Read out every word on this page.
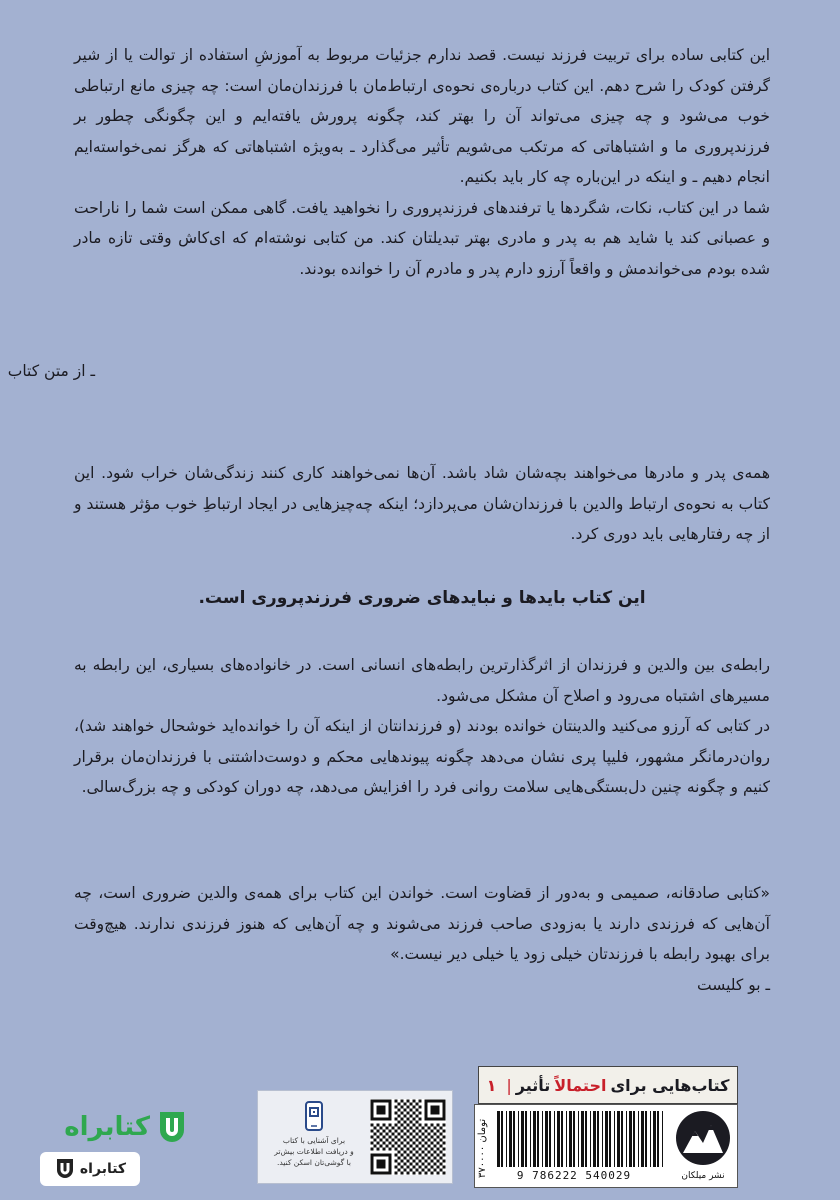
این کتابی ساده برای تربیت فرزند نیست. قصد ندارم جزئیات مربوط به آموزشِ استفاده از توالت یا از شیر گرفتن کودک را شرح دهم. این کتاب درباره‌ی نحوه‌ی ارتباط‌مان با فرزندان‌مان است: چه چیزی مانع ارتباطی خوب می‌شود و چه چیزی می‌تواند آن را بهتر کند، چگونه پرورش یافته‌ایم و این چگونگی چطور بر فرزندپروری ما و اشتباهاتی که مرتکب می‌شویم تأثیر می‌گذارد ـ به‌ویژه اشتباهاتی که هرگز نمی‌خواسته‌ایم انجام دهیم ـ و اینکه در این‌باره چه کار باید بکنیم.

شما در این کتاب، نکات، شگردها یا ترفندهای فرزندپروری را نخواهید یافت. گاهی ممکن است شما را ناراحت و عصبانی کند یا شاید هم به پدر و مادری بهتر تبدیلتان کند. من کتابی نوشته‌ام که ای‌کاش وقتی تازه مادر شده بودم می‌خواندمش و واقعاً آرزو دارم پدر و مادرم آن را خوانده بودند.

ـ از متن کتاب

همه‌ی پدر و مادرها می‌خواهند بچه‌شان شاد باشد. آن‌ها نمی‌خواهند کاری کنند زندگی‌شان خراب شود. این کتاب به نحوه‌ی ارتباط والدین با فرزندان‌شان می‌پردازد؛ اینکه چه‌چیزهایی در ایجاد ارتباطِ خوب مؤثر هستند و از چه رفتارهایی باید دوری کرد.

این کتاب بایدها و نبایدهای ضروری فرزندپروری است.

رابطه‌ی بین والدین و فرزندان از اثرگذارترین رابطه‌های انسانی است. در خانواده‌های بسیاری، این رابطه به مسیرهای اشتباه می‌رود و اصلاح آن مشکل می‌شود.

در کتابی که آرزو می‌کنید والدینتان خوانده بودند (و فرزندانتان از اینکه آن را خوانده‌اید خوشحال خواهند شد)، روان‌درمانگر مشهور، فلیپا پری نشان می‌دهد چگونه پیوندهایی محکم و دوست‌داشتنی با فرزندان‌مان برقرار کنیم و چگونه چنین دل‌بستگی‌هایی سلامت روانی فرد را افزایش می‌دهد، چه دوران کودکی و چه بزرگ‌سالی.

«کتابی صادقانه، صمیمی و به‌دور از قضاوت است. خواندن این کتاب برای همه‌ی والدین ضروری است، چه آن‌هایی که فرزندی دارند یا به‌زودی صاحب فرزند می‌شوند و چه آن‌هایی که هنوز فرزندی ندارند. هیچ‌وقت برای بهبود رابطه با فرزندتان خیلی زود یا خیلی دیر نیست.»

ـ بو کلیست

کتاب‌هایی برای
احتمالاً
تأثیر
|
۱
۳۷۰۰۰۰ تومان
9 786222 540029	نشر میلکان
برای آشنایی با کتاب
و دریافت اطلاعات بیش‌تر
با گوشی‌تان اسکن کنید.
کتابراه
کتابراه
